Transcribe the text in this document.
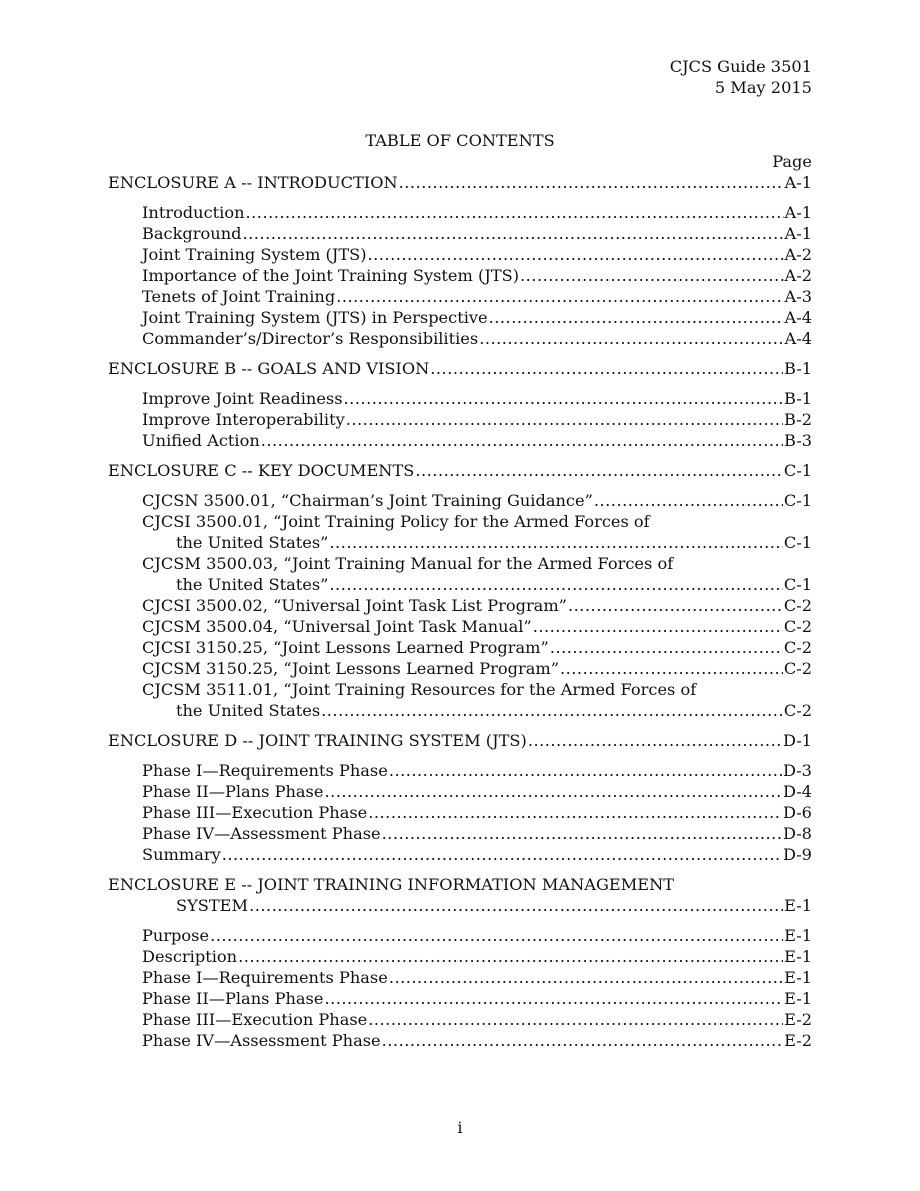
CJCS Guide 3501
5 May 2015
TABLE OF CONTENTS
Page
ENCLOSURE A -- INTRODUCTION .....	A-1
Introduction .....	A-1
Background .....	A-1
Joint Training System (JTS) .....	A-2
Importance of the Joint Training System (JTS) .....	A-2
Tenets of Joint Training .....	A-3
Joint Training System (JTS) in Perspective .....	A-4
Commander’s/Director’s Responsibilities .....	A-4
ENCLOSURE B -- GOALS AND VISION .....	B-1
Improve Joint Readiness .....	B-1
Improve Interoperability .....	B-2
Unified Action .....	B-3
ENCLOSURE C -- KEY DOCUMENTS .....	C-1
CJCSN 3500.01, “Chairman’s Joint Training Guidance” .....	C-1
CJCSI 3500.01, “Joint Training Policy for the Armed Forces of
the United States” .....	C-1
CJCSM 3500.03, “Joint Training Manual for the Armed Forces of
the United States” .....	C-1
CJCSI 3500.02, “Universal Joint Task List Program” .....	C-2
CJCSM 3500.04, “Universal Joint Task Manual” .....	C-2
CJCSI 3150.25, “Joint Lessons Learned Program” .....	C-2
CJCSM 3150.25, “Joint Lessons Learned Program” .....	C-2
CJCSM 3511.01, “Joint Training Resources for the Armed Forces of
the United States .....	C-2
ENCLOSURE D -- JOINT TRAINING SYSTEM (JTS) .....	D-1
Phase I—Requirements Phase .....	D-3
Phase II—Plans Phase .....	D-4
Phase III—Execution Phase .....	D-6
Phase IV—Assessment Phase .....	D-8
Summary .....	D-9
ENCLOSURE E -- JOINT TRAINING INFORMATION MANAGEMENT
SYSTEM .....	E-1
Purpose .....	E-1
Description .....	E-1
Phase I—Requirements Phase .....	E-1
Phase II—Plans Phase .....	E-1
Phase III—Execution Phase .....	E-2
Phase IV—Assessment Phase .....	E-2
i
